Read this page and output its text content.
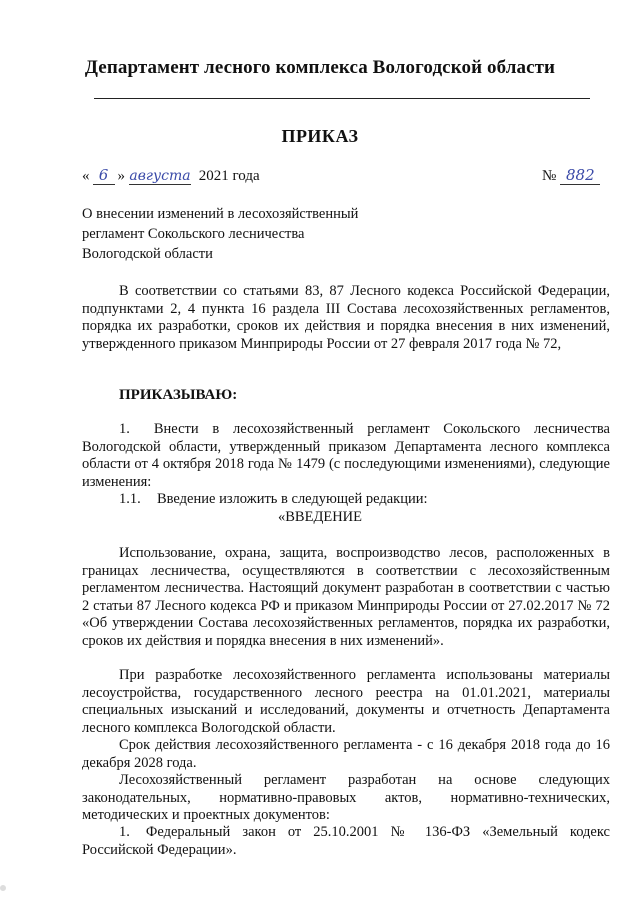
Департамент лесного комплекса Вологодской области
ПРИКАЗ
« 6 » августа 2021 года	№ 882
О внесении изменений в лесохозяйственный
регламент Сокольского лесничества
Вологодской области
В соответствии со статьями 83, 87 Лесного кодекса Российской Федерации, подпунктами 2, 4 пункта 16 раздела III Состава лесохозяйственных регламентов, порядка их разработки, сроков их действия и порядка внесения в них изменений, утвержденного приказом Минприроды России от 27 февраля 2017 года № 72,
ПРИКАЗЫВАЮ:
1. Внести в лесохозяйственный регламент Сокольского лесничества Вологодской области, утвержденный приказом Департамента лесного комплекса области от 4 октября 2018 года № 1479 (с последующими изменениями), следующие изменения:
1.1. Введение изложить в следующей редакции:
«ВВЕДЕНИЕ
Использование, охрана, защита, воспроизводство лесов, расположенных в границах лесничества, осуществляются в соответствии с лесохозяйственным регламентом лесничества. Настоящий документ разработан в соответствии с частью 2 статьи 87 Лесного кодекса РФ и приказом Минприроды России от 27.02.2017 № 72 «Об утверждении Состава лесохозяйственных регламентов, порядка их разработки, сроков их действия и порядка внесения в них изменений».
При разработке лесохозяйственного регламента использованы материалы лесоустройства, государственного лесного реестра на 01.01.2021, материалы специальных изысканий и исследований, документы и отчетность Департамента лесного комплекса Вологодской области.
Срок действия лесохозяйственного регламента - с 16 декабря 2018 года до 16 декабря 2028 года.
Лесохозяйственный регламент разработан на основе следующих законодательных, нормативно-правовых актов, нормативно-технических, методических и проектных документов:
1. Федеральный закон от 25.10.2001 № 136-ФЗ «Земельный кодекс Российской Федерации».
